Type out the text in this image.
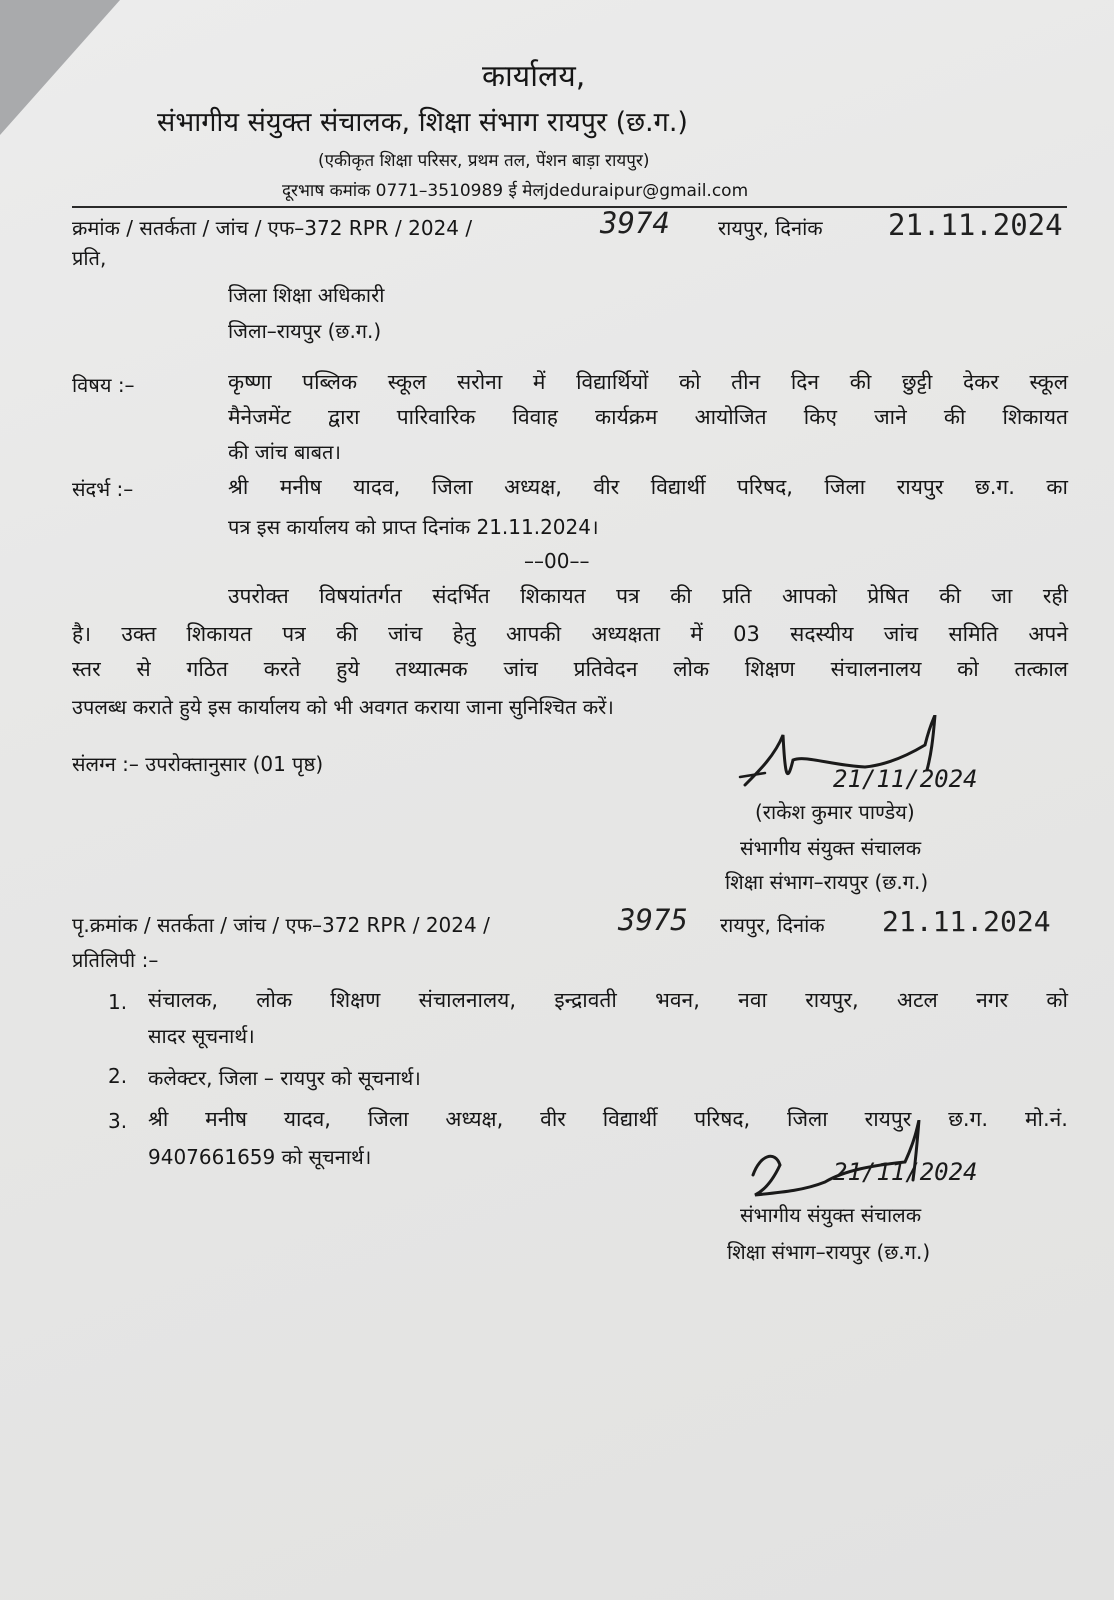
कार्यालय,
संभागीय संयुक्त संचालक, शिक्षा संभाग रायपुर (छ.ग.)
(एकीकृत शिक्षा परिसर, प्रथम तल, पेंशन बाड़ा रायपुर)
दूरभाष कमांक 0771–3510989 ई मेलjdeduraipur@gmail.com
क्रमांक / सतर्कता / जांच / एफ–372 RPR / 2024 /	3974 रायपुर, दिनांक 21.11.2024
प्रति,
जिला शिक्षा अधिकारी
जिला–रायपुर (छ.ग.)
विषय :–	कृष्णा पब्लिक स्कूल सरोना में विद्यार्थियों को तीन दिन की छुट्टी देकर स्कूल
मैनेजमेंट द्वारा पारिवारिक विवाह कार्यक्रम आयोजित किए जाने की शिकायत
की जांच बाबत।
संदर्भ :–	श्री मनीष यादव, जिला अध्यक्ष, वीर विद्यार्थी परिषद, जिला रायपुर छ.ग. का
पत्र इस कार्यालय को प्राप्त दिनांक 21.11.2024।
––00––
उपरोक्त विषयांतर्गत संदर्भित शिकायत पत्र की प्रति आपको प्रेषित की जा रही
है। उक्त शिकायत पत्र की जांच हेतु आपकी अध्यक्षता में 03 सदस्यीय जांच समिति अपने
स्तर से गठित करते हुये तथ्यात्मक जांच प्रतिवेदन लोक शिक्षण संचालनालय को तत्काल
उपलब्ध कराते हुये इस कार्यालय को भी अवगत कराया जाना सुनिश्चित करें।
संलग्न :– उपरोक्तानुसार (01 पृष्ठ)
21/11/2024
(राकेश कुमार पाण्डेय)
संभागीय संयुक्त संचालक
शिक्षा संभाग–रायपुर (छ.ग.)
पृ.क्रमांक / सतर्कता / जांच / एफ–372 RPR / 2024 /	3975 रायपुर, दिनांक 21.11.2024
प्रतिलिपी :–
1. संचालक, लोक शिक्षण संचालनालय, इन्द्रावती भवन, नवा रायपुर, अटल नगर को
सादर सूचनार्थ।
2. कलेक्टर, जिला – रायपुर को सूचनार्थ।
3. श्री मनीष यादव, जिला अध्यक्ष, वीर विद्यार्थी परिषद, जिला रायपुर छ.ग. मो.नं.
9407661659 को सूचनार्थ।
21/11/2024
संभागीय संयुक्त संचालक
शिक्षा संभाग–रायपुर (छ.ग.)
